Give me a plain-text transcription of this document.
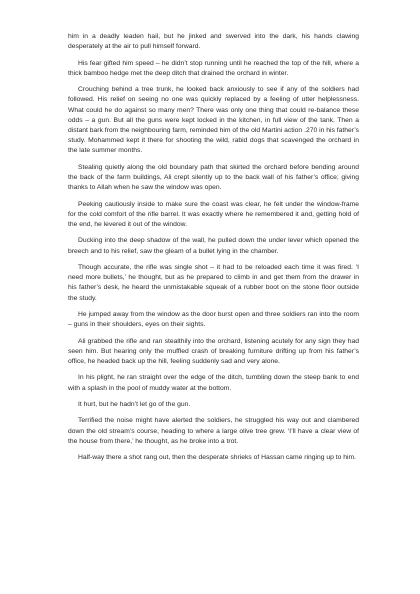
him in a deadly leaden hail, but he jinked and swerved into the dark, his hands clawing desperately at the air to pull himself forward.

His fear gifted him speed – he didn’t stop running until he reached the top of the hill, where a thick bamboo hedge met the deep ditch that drained the orchard in winter.

Crouching behind a tree trunk, he looked back anxiously to see if any of the soldiers had followed. His relief on seeing no one was quickly replaced by a feeling of utter helplessness. What could he do against so many men? There was only one thing that could re-balance these odds – a gun. But all the guns were kept locked in the kitchen, in full view of the tank. Then a distant bark from the neighbouring farm, reminded him of the old Martini action .270 in his father’s study. Mohammed kept it there for shooting the wild, rabid dogs that scavenged the orchard in the late summer months.

Stealing quietly along the old boundary path that skirted the orchard before bending around the back of the farm buildings, Ali crept silently up to the back wall of his father’s office; giving thanks to Allah when he saw the window was open.

Peeking cautiously inside to make sure the coast was clear, he felt under the window-frame for the cold comfort of the rifle barrel. It was exactly where he remembered it and, getting hold of the end, he levered it out of the window.

Ducking into the deep shadow of the wall, he pulled down the under lever which opened the breech and to his relief, saw the gleam of a bullet lying in the chamber.

Though accurate, the rifle was single shot – it had to be reloaded each time it was fired. ‘I need more bullets,’ he thought, but as he prepared to climb in and get them from the drawer in his father’s desk, he heard the unmistakable squeak of a rubber boot on the stone floor outside the study.

He jumped away from the window as the door burst open and three soldiers ran into the room – guns in their shoulders, eyes on their sights.

Ali grabbed the rifle and ran stealthily into the orchard, listening acutely for any sign they had seen him. But hearing only the muffled crash of breaking furniture drifting up from his father’s office, he headed back up the hill, feeling suddenly sad and very alone.

In his plight, he ran straight over the edge of the ditch, tumbling down the steep bank to end with a splash in the pool of muddy water at the bottom.

It hurt, but he hadn’t let go of the gun.

Terrified the noise might have alerted the soldiers, he struggled his way out and clambered down the old stream’s course, heading to where a large olive tree grew. ‘I’ll have a clear view of the house from there,’ he thought, as he broke into a trot.

Half-way there a shot rang out, then the desperate shrieks of Hassan came ringing up to him.
